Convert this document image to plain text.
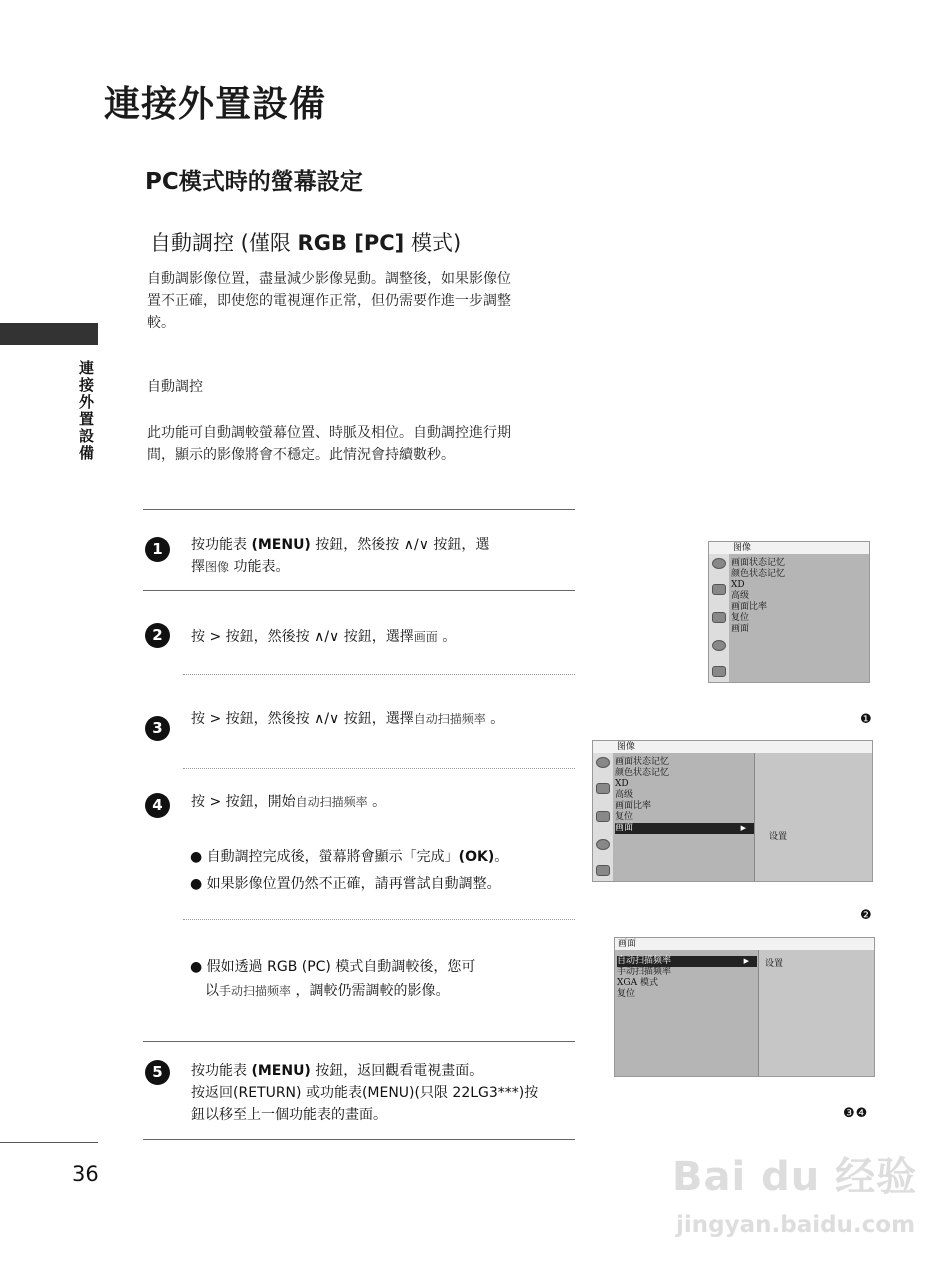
連接外置設備
PC模式時的螢幕設定
自動調控 (僅限 RGB [PC] 模式)
自動調影像位置，盡量減少影像晃動。調整後，如果影像位
置不正確，即使您的電視運作正常，但仍需要作進一步調整
較。
自動調控
此功能可自動調較螢幕位置、時脈及相位。自動調控進行期
間，顯示的影像將會不穩定。此情況會持續數秒。
連接外置設備
36
1	按功能表 (MENU) 按鈕，然後按 ∧/∨ 按鈕，選
擇图像 功能表。
2	按 > 按鈕，然後按 ∧/∨ 按鈕，選擇画面 。
3	按 > 按鈕，然後按 ∧/∨ 按鈕，選擇自动扫描频率 。
4	按 > 按鈕，開始自动扫描频率 。
● 自動調控完成後，螢幕將會顯示「完成」(OK)。
● 如果影像位置仍然不正確，請再嘗試自動調整。
● 假如透過 RGB (PC) 模式自動調較後，您可
以手动扫描频率 ，調較仍需調較的影像。
5	按功能表 (MENU) 按鈕，返回觀看電視畫面。
按返回(RETURN) 或功能表(MENU)(只限 22LG3***)按
鈕以移至上一個功能表的畫面。
图像
画面状态记忆
颜色状态记忆
XD
高级
画面比率
复位
画面
❶
图像
画面状态记忆
颜色状态记忆
XD
高级
画面比率
复位
画面	▶
设置
❷
画面
自动扫描频率	▶
手动扫描频率
XGA 模式
复位
设置
❸❹
Bai du 经验
jingyan.baidu.com
